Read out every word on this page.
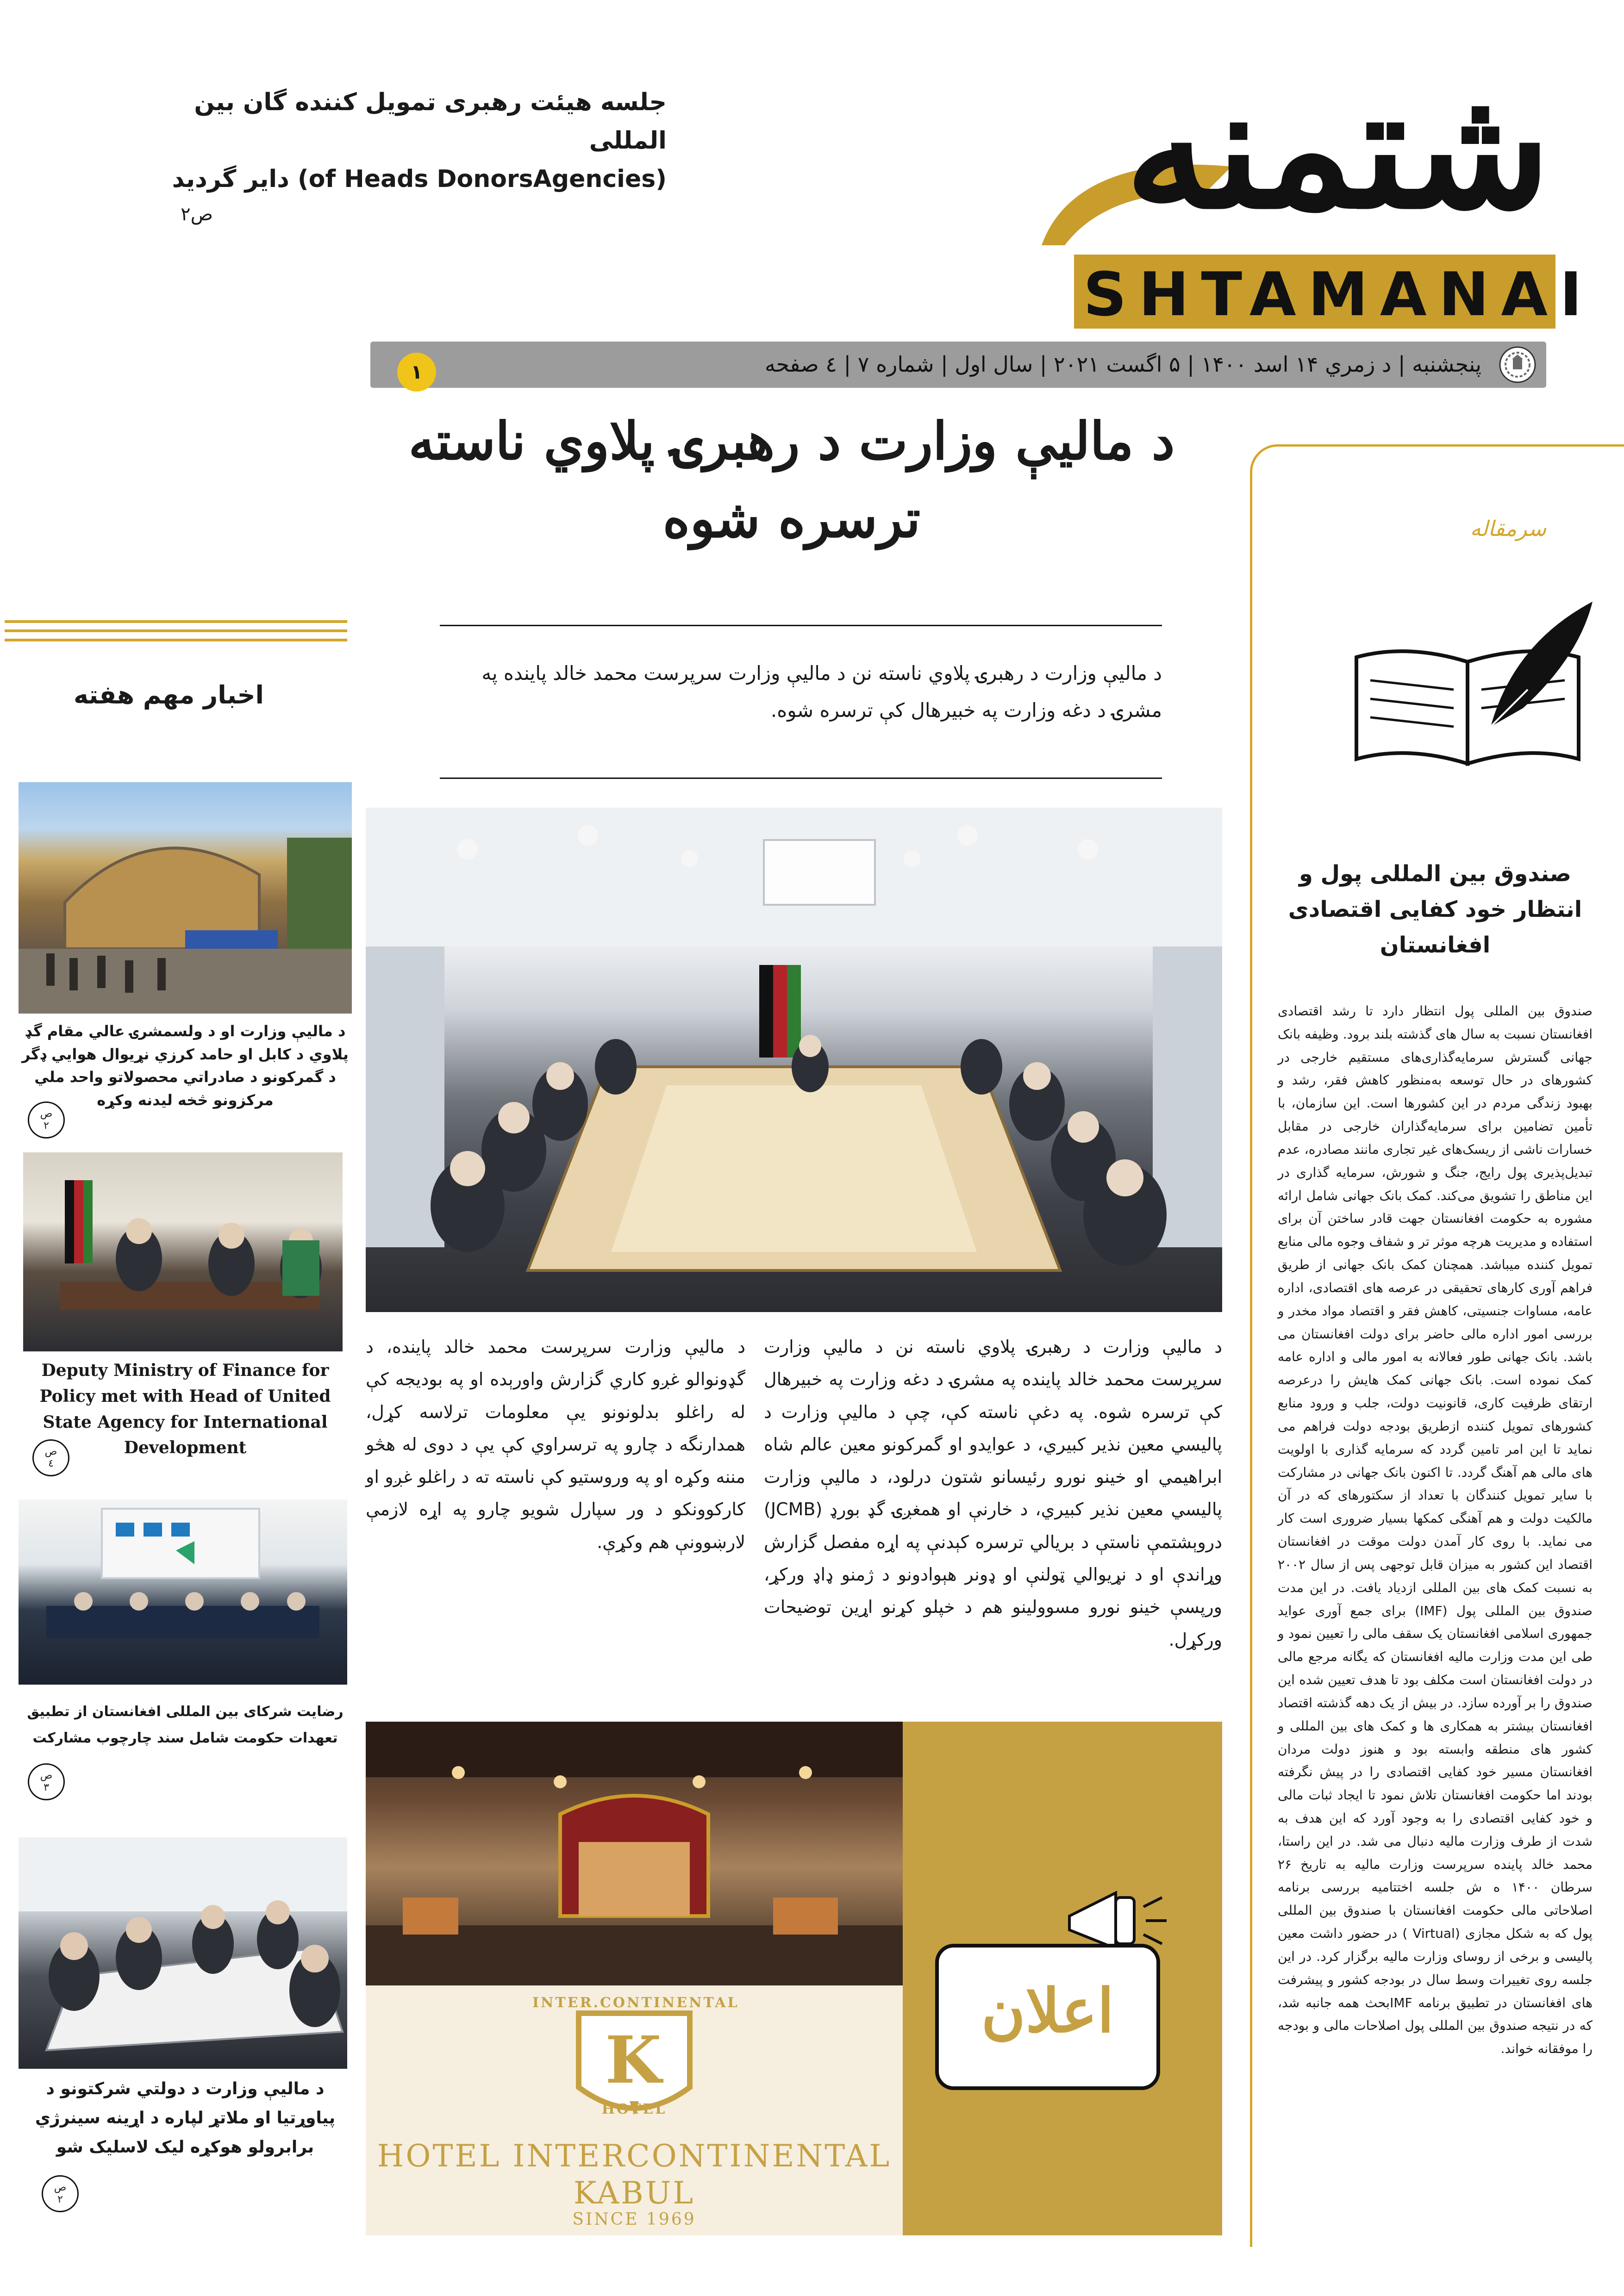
شتمنه
SHTAMANAI
جلسه هیئت رهبری تمویل کننده گان بین المللی
(of Heads DonorsAgencies) دایر گردید
ص۲
پنجشنبه | د زمري ۱۴ اسد ۱۴۰۰ | ۵ اگست ۲۰۲۱ | سال اول | شماره ۷ | ٤ صفحه
۱
د ماليې وزارت د رهبرۍ پلاوي ناسته
ترسره شوه
د ماليې وزارت د رهبرۍ پلاوي ناسته نن د ماليې وزارت سرپرست محمد خالد پاینده په مشرۍ د دغه وزارت په خبیرهال کې ترسره شوه.
د ماليې وزارت د رهبرۍ پلاوي ناسته نن د ماليې وزارت سرپرست محمد خالد پاینده په مشرۍ د دغه وزارت په خبیرهال کې ترسره شوه. په دغې ناسته کې، چې د ماليې وزارت د پالیسي معین نذیر کبیري، د عوایدو او گمرکونو معین عالم شاه ابراهیمي او خینو نورو رئیسانو شتون درلود، د ماليې وزارت پالیسي معین نذیر کبیري، د خارنې او همغږۍ گډ بورډ (JCMB) دروېشتمې ناستې د بریالي ترسره کېدنې په اړه مفصل گزارش وړاندې او د نړیوالي ټولنې او ډونر هېوادونو د ژمنو ډاډ ورکړ، ورپسې خینو نورو مسوولینو هم د خپلو کړنو اړین توضیحات ورکړل.
د ماليې وزارت سرپرست محمد خالد پاینده، د گډونوالو غږو کاري گزارش واورېده او په بودیجه کې له راغلو بدلونونو يې معلومات ترلاسه کړل، همدارنگه د چارو په ترسراوي کې يې د دوی له هڅو مننه وکړه او په وروستیو کې ناسته ته د راغلو غږو او کارکوونکو د ور سپارل شویو چارو په اړه لازمې لارښوونې هم وکړې.
اعلان
INTER.CONTINENTAL
K
HOTEL
HOTEL INTERCONTINENTAL
KABUL
SINCE 1969
اخبار مهم هفته
د ماليې وزارت او د ولسمشرۍ عالي مقام گډ پلاوي د کابل او حامد کرزي نړیوال هوايي ډگر د گمرکونو د صادراتي محصولاتو واحد ملي مرکزونو څخه لیدنه وکړه
ص
۲
Deputy Ministry of Finance for Policy met with Head of United State Agency for International Development
ص
٤
رضایت شرکای بین المللی افغانستان از تطبیق تعهدات حکومت شامل سند چارچوب مشارکت
ص
۳
د ماليې وزارت د دولتي شرکتونو د پیاوړتیا او ملاتړ لپاره د اړینه سینرژي برابرولو هوکړه لیک لاسلیک شو
ص
۲
سرمقاله
صندوق بین المللی پول و
انتظار خود کفایی اقتصادی
افغانستان
صندوق بین المللی پول انتظار دارد تا رشد اقتصادی افغانستان نسبت به سال های گذشته بلند برود. وظیفه بانک جهانی گسترش سرمایه‌گذاری‌های مستقیم خارجی در کشورهای در حال توسعه به‌منظور کاهش فقر، رشد و بهبود زندگی مردم در این کشورها است. این سازمان، با تأمین تضامین برای سرمایه‌گذاران خارجی در مقابل خسارات ناشی از ریسک‌های غیر تجاری مانند مصادره، عدم تبدیل‌پذیری پول رایج، جنگ و شورش، سرمایه گذاری در این مناطق را تشویق می‌کند. کمک بانک جهانی شامل ارائه مشوره به حکومت افغانستان جهت قادر ساختن آن برای استفاده و مدیریت هرچه موثر تر و شفاف وجوه مالی منابع تمویل کننده میباشد. همچنان کمک بانک جهانی از طریق فراهم آوری کارهای تحقیقی در عرصه های اقتصادی، اداره عامه، مساوات جنسیتی، کاهش فقر و اقتصاد مواد مخدر و بررسی امور اداره مالی حاضر برای دولت افغانستان می باشد. بانک جهانی طور فعالانه به امور مالی و اداره عامه کمک نموده است. بانک جهانی کمک هایش را درعرصه ارتقای ظرفیت کاری، قانونیت دولت، جلب و ورود منابع کشورهای تمویل کننده ازطریق بودجه دولت فراهم می نماید تا این امر تامین گردد که سرمایه گذاری با اولویت های مالی هم آهنگ گردد. تا اکنون بانک جهانی در مشارکت با سایر تمویل کنندگان با تعداد از سکتورهای که در آن مالکیت دولت و هم آهنگی کمکها بسیار ضروری است کار می نماید. با روی کار آمدن دولت موقت در افغانستان اقتصاد این کشور به میزان قابل توجهی پس از سال ۲۰۰۲ به نسبت کمک های بین المللی ازدیاد یافت. در این مدت صندوق بین المللی پول (IMF) برای جمع آوری عواید جمهوری اسلامی افغانستان یک سقف مالی را تعیین نمود و طی این مدت وزارت مالیه افغانستان که یگانه مرجع مالی در دولت افغانستان است مکلف بود تا هدف تعیین شده این صندوق را بر آورده سازد. در بیش از یک دهه گذشته اقتصاد افغانستان بیشتر به همکاری ها و کمک های بین المللی و کشور های منطقه وابسته بود و هنوز دولت مردان افغانستان مسیر خود کفایی اقتصادی را در پیش نگرفته بودند اما حکومت افغانستان تلاش نمود تا ایجاد ثبات مالی و خود کفایی اقتصادی را به وجود آورد که این هدف به شدت از طرف وزارت مالیه دنبال می شد. در این راستا، محمد خالد پاینده سرپرست وزارت مالیه به تاریخ ۲۶ سرطان ۱۴۰۰ ه ش جلسه اختتامیه بررسی برنامه اصلاحاتی مالی حکومت افغانستان با صندوق بین المللی پول که به شکل مجازی (Virtual ) در حضور داشت معین پالیسی و برخی از روسای وزارت مالیه برگزار کرد. در این جلسه روی تغییرات وسط سال در بودجه کشور و پیشرفت های افغانستان در تطبیق برنامه IMFبحث همه جانبه شد، که در نتیجه صندوق بین المللی پول اصلاحات مالی و بودجه را موفقانه خواند.
